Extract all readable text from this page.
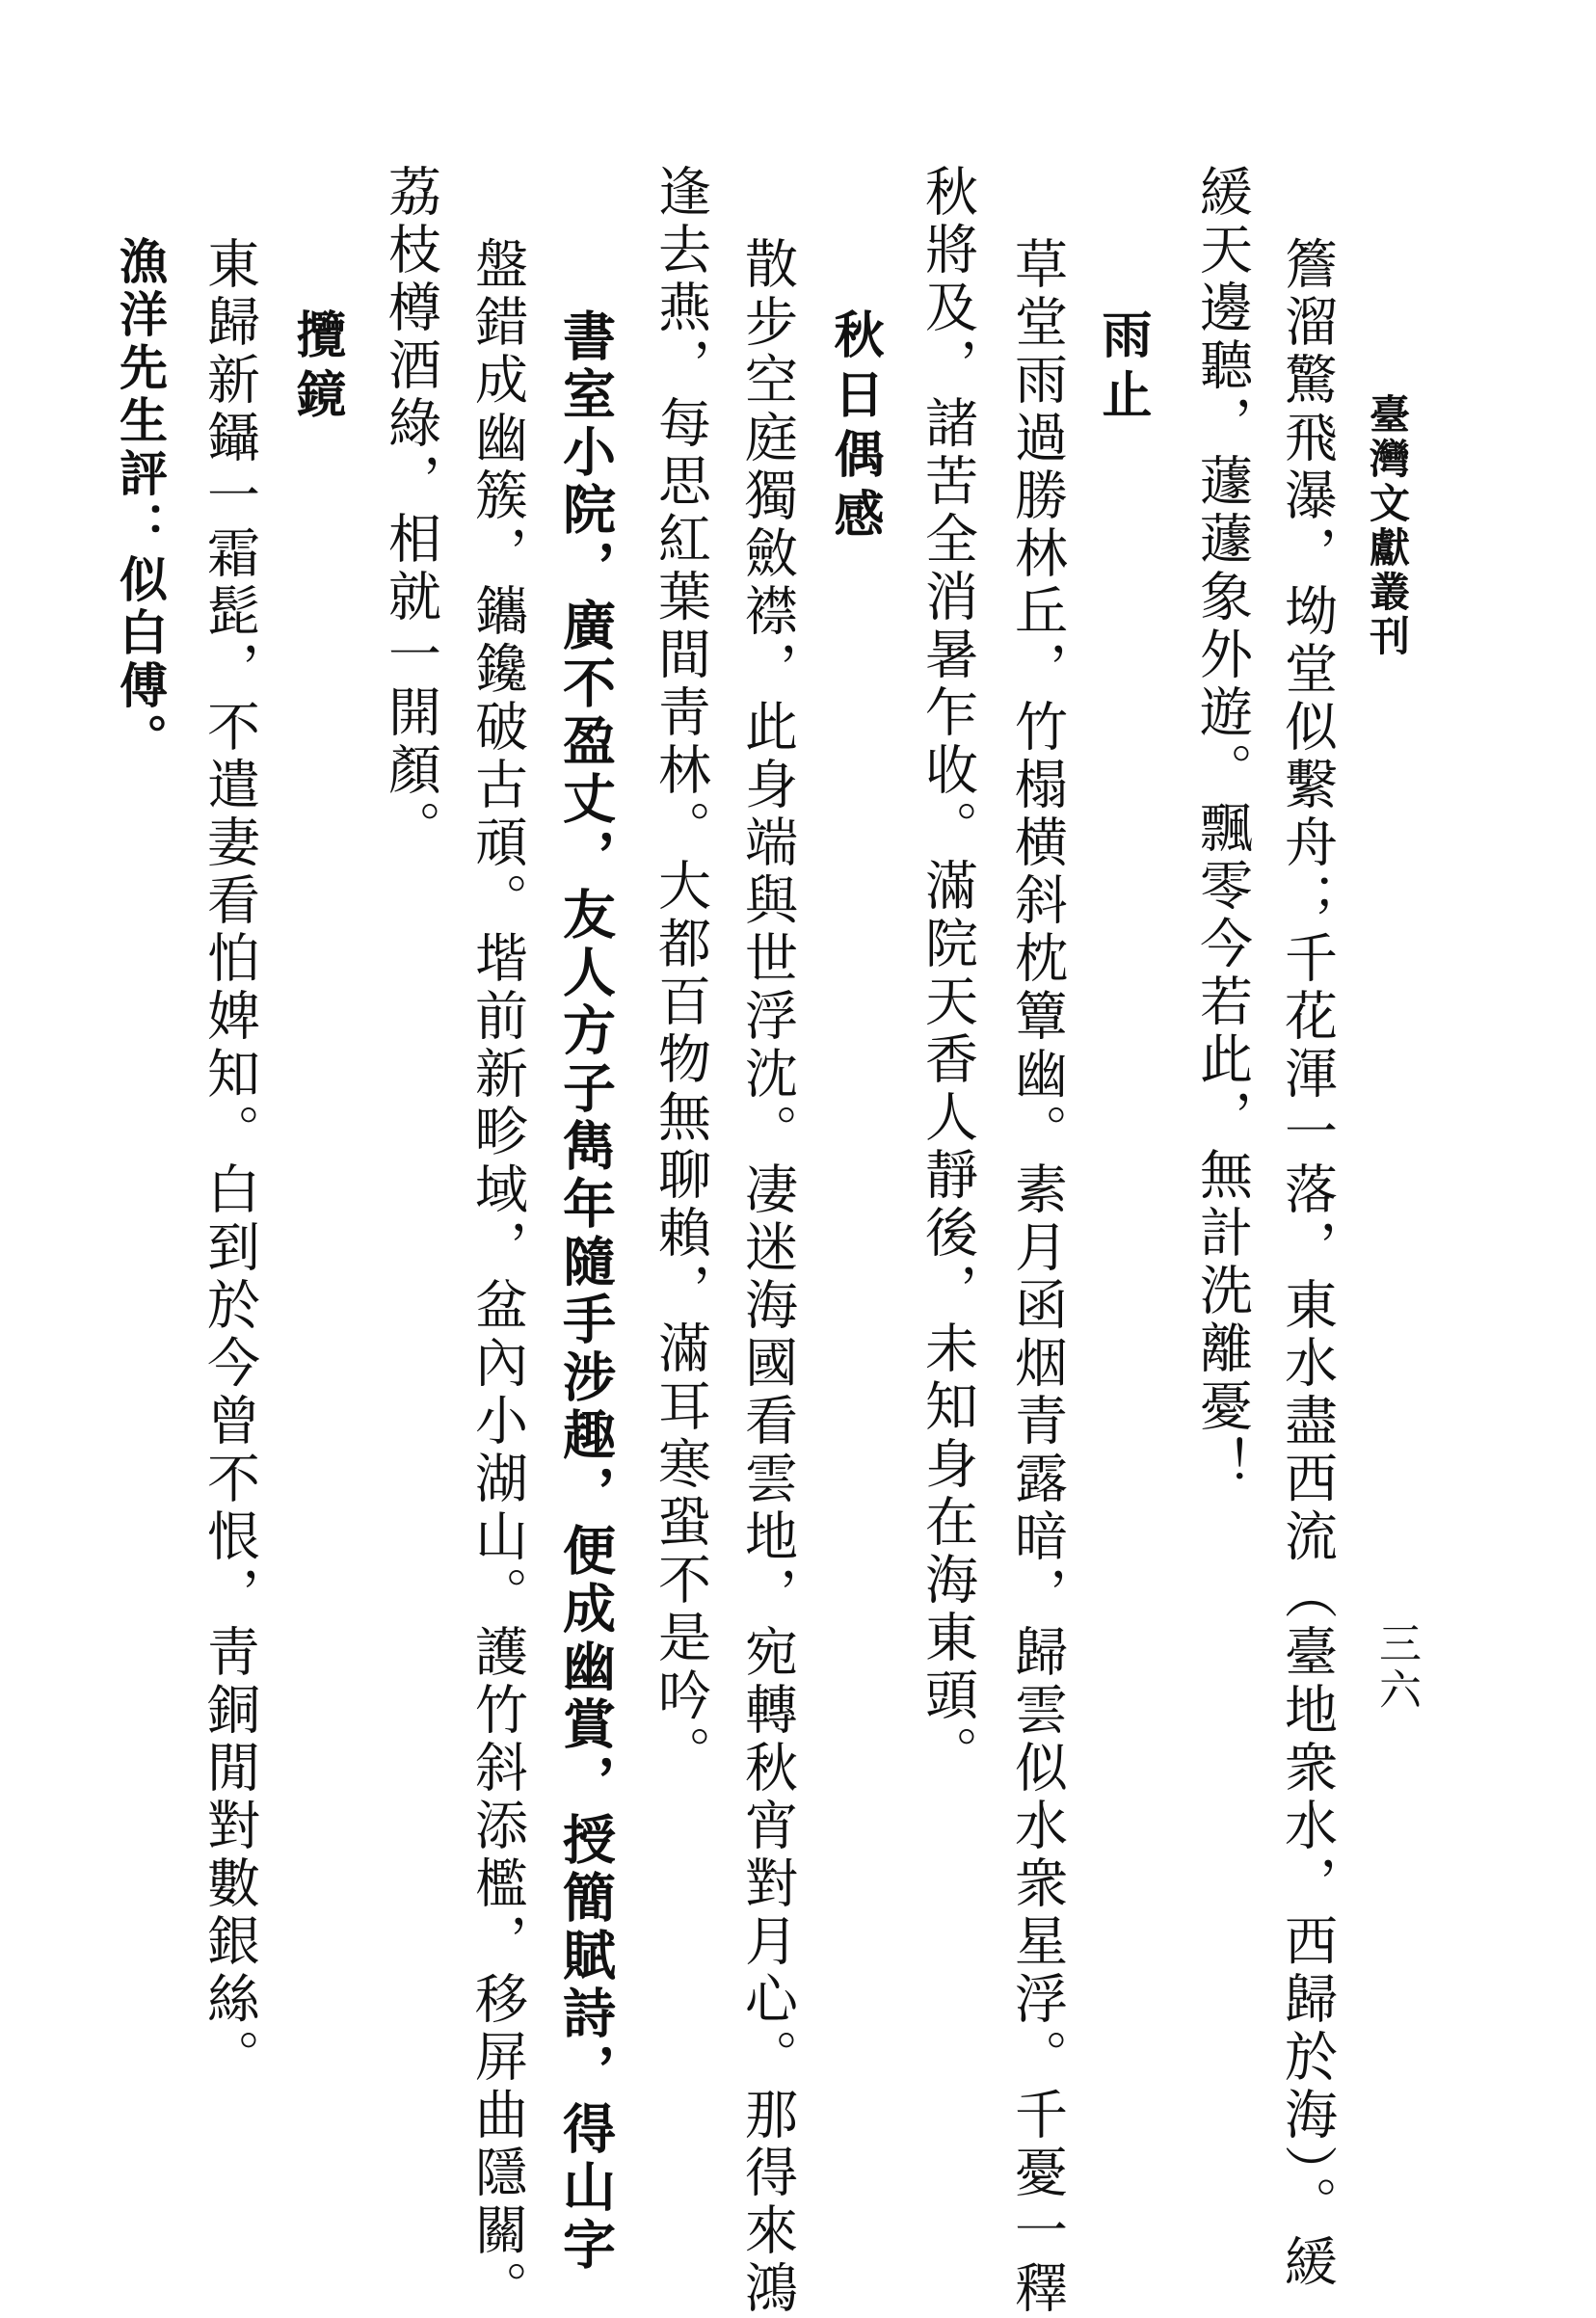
臺灣文獻叢刊
三六
簷溜驚飛瀑，坳堂似繫舟；千花渾一落，東水盡西流（臺地衆水，西歸於海）。緩
緩天邊聽，蘧蘧象外遊。飄零今若此，無計洗離憂！
雨止
草堂雨過勝林丘，竹榻横斜枕簟幽。素月函烟青露暗，歸雲似水衆星浮。千憂一釋
秋將及，諸苦全消暑乍收。滿院天香人靜後，未知身在海東頭。
秋日偶感
散步空庭獨斂襟，此身端與世浮沈。凄迷海國看雲地，宛轉秋宵對月心。那得來鴻
逢去燕，每思紅葉間靑林。大都百物無聊賴，滿耳寒蛩不是吟。
書室小院，廣不盈丈，友人方子雋年隨手涉趣，便成幽賞，授簡賦詩，得山字
盤錯成幽簇，鑴鑱破古頑。堦前新畛域，盆內小湖山。護竹斜添檻，移屏曲隱關。
荔枝樽酒綠，相就一開顏。
攬鏡
東歸新鑷一霜髭，不遣妻看怕婢知。白到於今曾不恨，靑銅閒對數銀絲。
漁洋先生評：似白傅。
